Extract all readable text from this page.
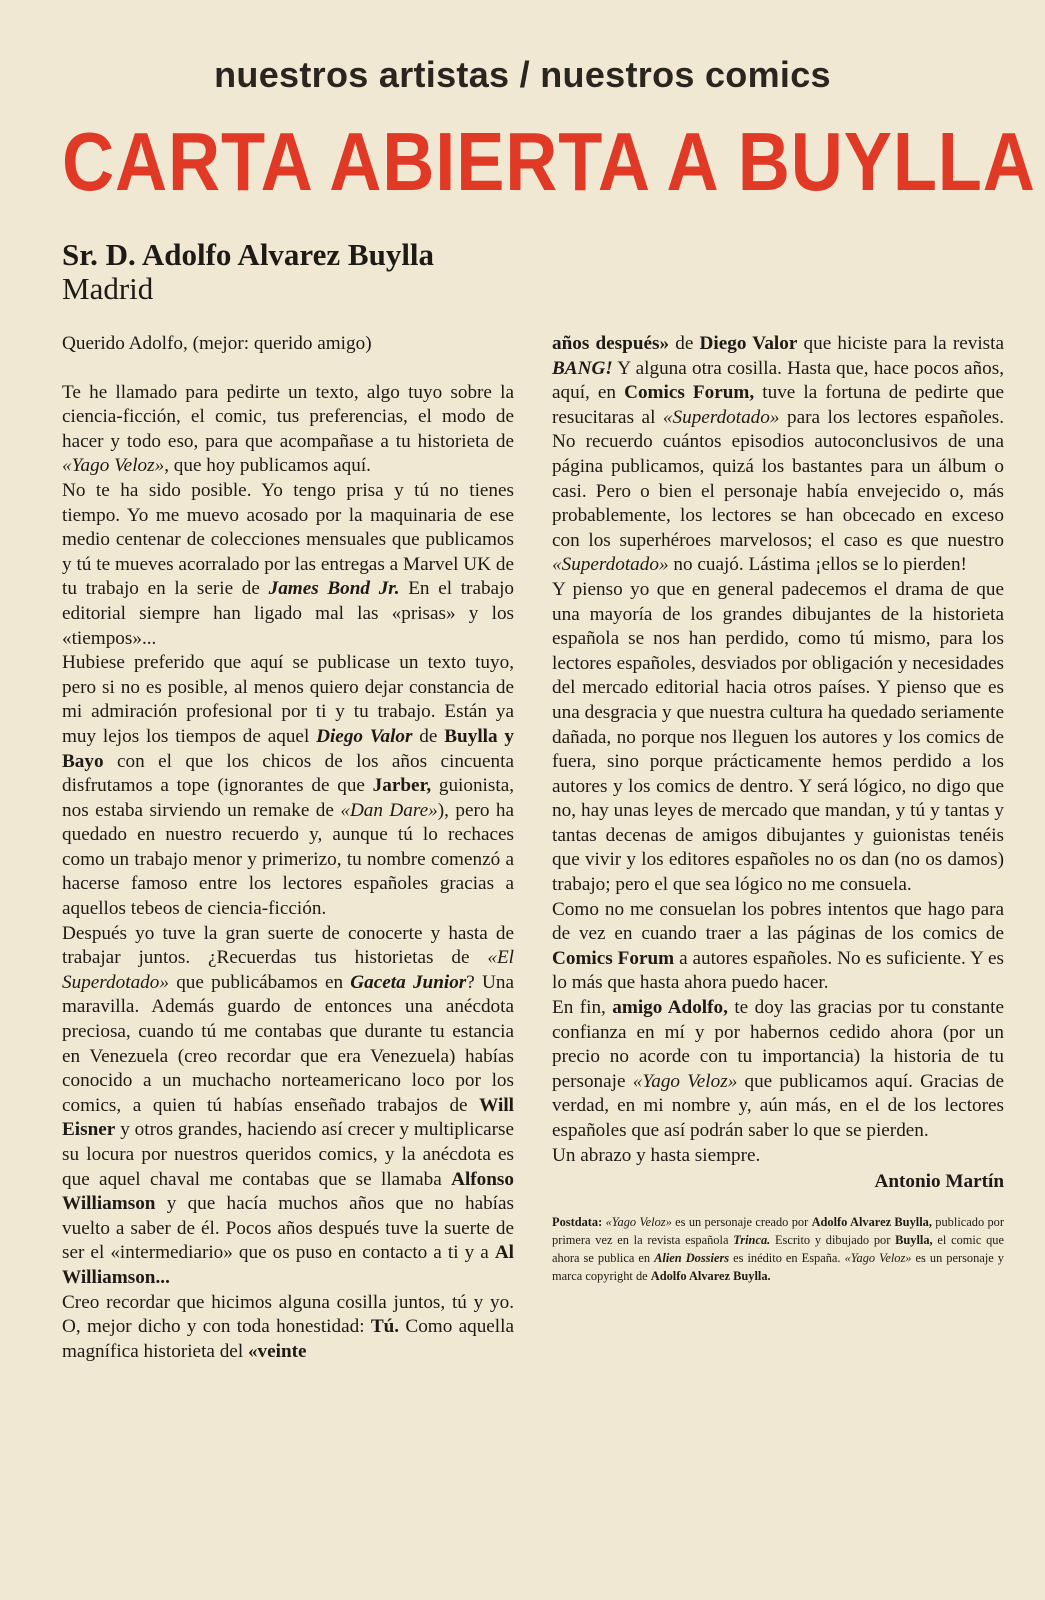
nuestros artistas / nuestros comics
CARTA ABIERTA A BUYLLA
Sr. D. Adolfo Alvarez Buylla
Madrid

Querido Adolfo, (mejor: querido amigo)

Te he llamado para pedirte un texto, algo tuyo sobre la ciencia-ficción, el comic, tus preferencias, el modo de hacer y todo eso, para que acompañase a tu historieta de «Yago Veloz», que hoy publicamos aquí.

No te ha sido posible. Yo tengo prisa y tú no tienes tiempo. Yo me muevo acosado por la maquinaria de ese medio centenar de colecciones mensuales que publicamos y tú te mueves acorralado por las entregas a Marvel UK de tu trabajo en la serie de James Bond Jr. En el trabajo editorial siempre han ligado mal las «prisas» y los «tiempos»...

Hubiese preferido que aquí se publicase un texto tuyo, pero si no es posible, al menos quiero dejar constancia de mi admiración profesional por ti y tu trabajo. Están ya muy lejos los tiempos de aquel Diego Valor de Buylla y Bayo con el que los chicos de los años cincuenta disfrutamos a tope (ignorantes de que Jarber, guionista, nos estaba sirviendo un remake de «Dan Dare»), pero ha quedado en nuestro recuerdo y, aunque tú lo rechaces como un trabajo menor y primerizo, tu nombre comenzó a hacerse famoso entre los lectores españoles gracias a aquellos tebeos de ciencia-ficción.

Después yo tuve la gran suerte de conocerte y hasta de trabajar juntos. ¿Recuerdas tus historietas de «El Superdotado» que publicábamos en Gaceta Junior? Una maravilla. Además guardo de entonces una anécdota preciosa, cuando tú me contabas que durante tu estancia en Venezuela (creo recordar que era Venezuela) habías conocido a un muchacho norteamericano loco por los comics, a quien tú habías enseñado trabajos de Will Eisner y otros grandes, haciendo así crecer y multiplicarse su locura por nuestros queridos comics, y la anécdota es que aquel chaval me contabas que se llamaba Alfonso Williamson y que hacía muchos años que no habías vuelto a saber de él. Pocos años después tuve la suerte de ser el «intermediario» que os puso en contacto a ti y a Al Williamson...

Creo recordar que hicimos alguna cosilla juntos, tú y yo. O, mejor dicho y con toda honestidad: Tú. Como aquella magnífica historieta del «veinte

años después» de Diego Valor que hiciste para la revista BANG! Y alguna otra cosilla. Hasta que, hace pocos años, aquí, en Comics Forum, tuve la fortuna de pedirte que resucitaras al «Superdotado» para los lectores españoles. No recuerdo cuántos episodios autoconclusivos de una página publicamos, quizá los bastantes para un álbum o casi. Pero o bien el personaje había envejecido o, más probablemente, los lectores se han obcecado en exceso con los superhéroes marvelosos; el caso es que nuestro «Superdotado» no cuajó. Lástima ¡ellos se lo pierden!

Y pienso yo que en general padecemos el drama de que una mayoría de los grandes dibujantes de la historieta española se nos han perdido, como tú mismo, para los lectores españoles, desviados por obligación y necesidades del mercado editorial hacia otros países. Y pienso que es una desgracia y que nuestra cultura ha quedado seriamente dañada, no porque nos lleguen los autores y los comics de fuera, sino porque prácticamente hemos perdido a los autores y los comics de dentro. Y será lógico, no digo que no, hay unas leyes de mercado que mandan, y tú y tantas y tantas decenas de amigos dibujantes y guionistas tenéis que vivir y los editores españoles no os dan (no os damos) trabajo; pero el que sea lógico no me consuela.

Como no me consuelan los pobres intentos que hago para de vez en cuando traer a las páginas de los comics de Comics Forum a autores españoles. No es suficiente. Y es lo más que hasta ahora puedo hacer.

En fin, amigo Adolfo, te doy las gracias por tu constante confianza en mí y por habernos cedido ahora (por un precio no acorde con tu importancia) la historia de tu personaje «Yago Veloz» que publicamos aquí. Gracias de verdad, en mi nombre y, aún más, en el de los lectores españoles que así podrán saber lo que se pierden.

Un abrazo y hasta siempre.

Antonio Martín

Postdata: «Yago Veloz» es un personaje creado por Adolfo Alvarez Buylla, publicado por primera vez en la revista española Trinca. Escrito y dibujado por Buylla, el comic que ahora se publica en Alien Dossiers es inédito en España. «Yago Veloz» es un personaje y marca copyright de Adolfo Alvarez Buylla.
